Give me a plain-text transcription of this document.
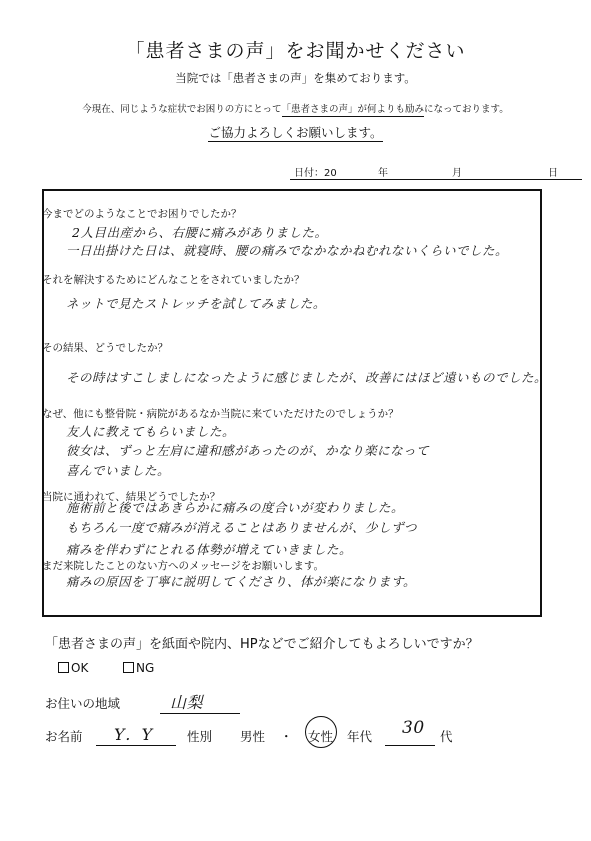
「患者さまの声」をお聞かせください
当院では「患者さまの声」を集めております。
今現在、同じような症状でお困りの方にとって「患者さまの声」が何よりも励みになっております。
ご協力よろしくお願いします。
日付：20	年	月	日
今までどのようなことでお困りでしたか？
2人目出産から、右腰に痛みがありました。
一日出掛けた日は、就寝時、腰の痛みでなかなかねむれないくらいでした。
それを解決するためにどんなことをされていましたか？
ネットで見たストレッチを試してみました。
その結果、どうでしたか？
その時はすこしましになったように感じましたが、改善にはほど遠いものでした。
なぜ、他にも整骨院・病院があるなか当院に来ていただけたのでしょうか？
友人に教えてもらいました。
彼女は、ずっと左肩に違和感があったのが、かなり楽になって
喜んでいました。
当院に通われて、結果どうでしたか？
施術前と後ではあきらかに痛みの度合いが変わりました。
もちろん一度で痛みが消えることはありませんが、少しずつ
痛みを伴わずにとれる体勢が増えていきました。
まだ来院したことのない方へのメッセージをお願いします。
痛みの原因を丁寧に説明してくださり、体が楽になります。
「患者さまの声」を紙面や院内、HPなどでご紹介してもよろしいですか？
OK	NG
お住いの地域	山梨
お名前 Y．Y	性別 男性 ・ 女性 年代 30 代
